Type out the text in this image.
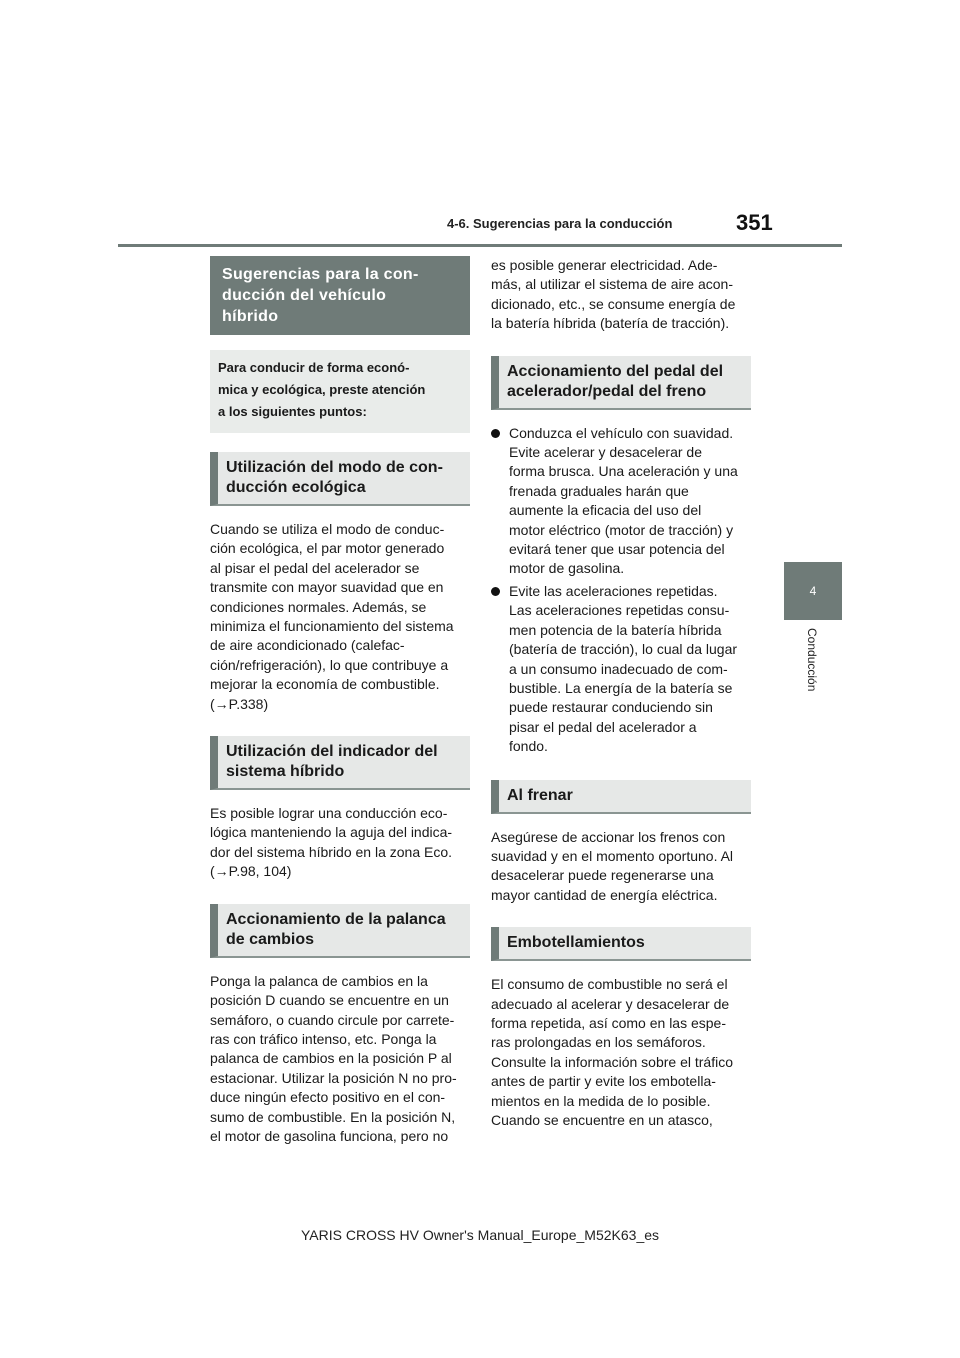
4-6. Sugerencias para la conducción	351
4
Conducción
Sugerencias para la con-
ducción del vehículo
híbrido
Para conducir de forma econó-
mica y ecológica, preste atención
a los siguientes puntos:
Utilización del modo de con-
ducción ecológica
Cuando se utiliza el modo de conduc-
ción ecológica, el par motor generado
al pisar el pedal del acelerador se
transmite con mayor suavidad que en
condiciones normales. Además, se
minimiza el funcionamiento del sistema
de aire acondicionado (calefac-
ción/refrigeración), lo que contribuye a
mejorar la economía de combustible.
(→P.338)
Utilización del indicador del
sistema híbrido
Es posible lograr una conducción eco-
lógica manteniendo la aguja del indica-
dor del sistema híbrido en la zona Eco.
(→P.98, 104)
Accionamiento de la palanca
de cambios
Ponga la palanca de cambios en la
posición D cuando se encuentre en un
semáforo, o cuando circule por carrete-
ras con tráfico intenso, etc. Ponga la
palanca de cambios en la posición P al
estacionar. Utilizar la posición N no pro-
duce ningún efecto positivo en el con-
sumo de combustible. En la posición N,
el motor de gasolina funciona, pero no
es posible generar electricidad. Ade-
más, al utilizar el sistema de aire acon-
dicionado, etc., se consume energía de
la batería híbrida (batería de tracción).
Accionamiento del pedal del
acelerador/pedal del freno
Conduzca el vehículo con suavidad.
Evite acelerar y desacelerar de
forma brusca. Una aceleración y una
frenada graduales harán que
aumente la eficacia del uso del
motor eléctrico (motor de tracción) y
evitará tener que usar potencia del
motor de gasolina.
Evite las aceleraciones repetidas.
Las aceleraciones repetidas consu-
men potencia de la batería híbrida
(batería de tracción), lo cual da lugar
a un consumo inadecuado de com-
bustible. La energía de la batería se
puede restaurar conduciendo sin
pisar el pedal del acelerador a
fondo.
Al frenar
Asegúrese de accionar los frenos con
suavidad y en el momento oportuno. Al
desacelerar puede regenerarse una
mayor cantidad de energía eléctrica.
Embotellamientos
El consumo de combustible no será el
adecuado al acelerar y desacelerar de
forma repetida, así como en las espe-
ras prolongadas en los semáforos.
Consulte la información sobre el tráfico
antes de partir y evite los embotella-
mientos en la medida de lo posible.
Cuando se encuentre en un atasco,
YARIS CROSS HV Owner's Manual_Europe_M52K63_es
